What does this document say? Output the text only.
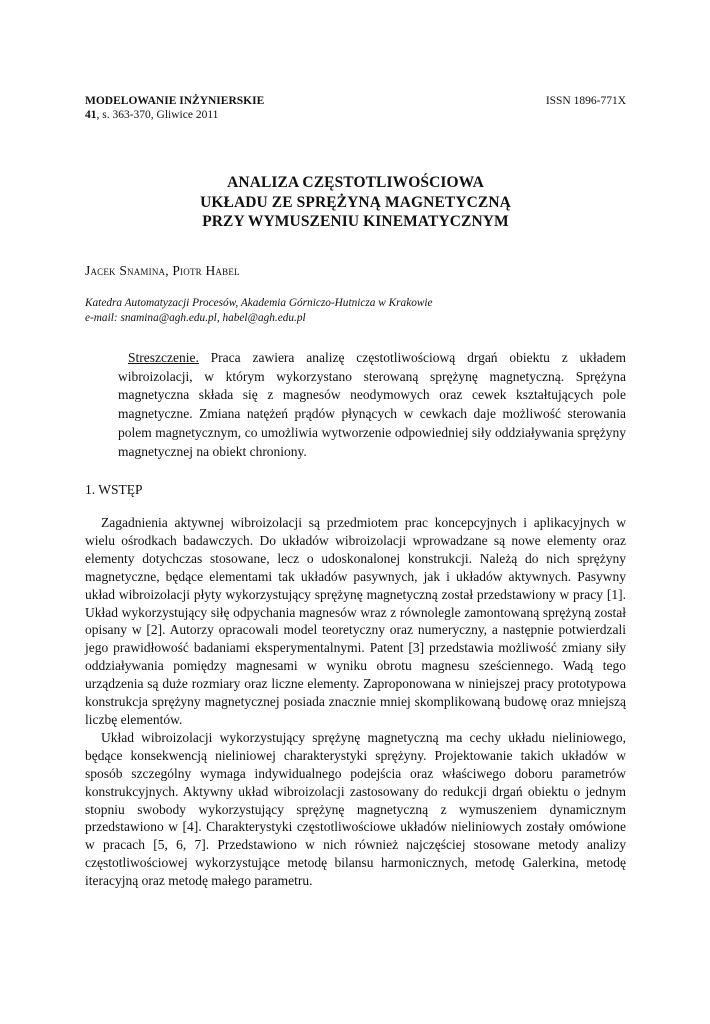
MODELOWANIE INŻYNIERSKIE	ISSN 1896-771X
41, s. 363-370, Gliwice 2011
ANALIZA CZĘSTOTLIWOŚCIOWA
UKŁADU ZE SPRĘŻYNĄ MAGNETYCZNĄ
PRZY WYMUSZENIU KINEMATYCZNYM
Jacek Snamina, Piotr Habel
Katedra Automatyzacji Procesów, Akademia Górniczo-Hutnicza w Krakowie
e-mail: snamina@agh.edu.pl, habel@agh.edu.pl
Streszczenie. Praca zawiera analizę częstotliwościową drgań obiektu z układem wibroizolacji, w którym wykorzystano sterowaną sprężynę magnetyczną. Sprężyna magnetyczna składa się z magnesów neodymowych oraz cewek kształtujących pole magnetyczne. Zmiana natężeń prądów płynących w cewkach daje możliwość sterowania polem magnetycznym, co umożliwia wytworzenie odpowiedniej siły oddziaływania sprężyny magnetycznej na obiekt chroniony.
1. WSTĘP

Zagadnienia aktywnej wibroizolacji są przedmiotem prac koncepcyjnych i aplikacyjnych w wielu ośrodkach badawczych. Do układów wibroizolacji wprowadzane są nowe elementy oraz elementy dotychczas stosowane, lecz o udoskonalonej konstrukcji. Należą do nich sprężyny magnetyczne, będące elementami tak układów pasywnych, jak i układów aktywnych. Pasywny układ wibroizolacji płyty wykorzystujący sprężynę magnetyczną został przedstawiony w pracy [1]. Układ wykorzystujący siłę odpychania magnesów wraz z równolegle zamontowaną sprężyną został opisany w [2]. Autorzy opracowali model teoretyczny oraz numeryczny, a następnie potwierdzali jego prawidłowość badaniami eksperymentalnymi. Patent [3] przedstawia możliwość zmiany siły oddziaływania pomiędzy magnesami w wyniku obrotu magnesu sześciennego. Wadą tego urządzenia są duże rozmiary oraz liczne elementy. Zaproponowana w niniejszej pracy prototypowa konstrukcja sprężyny magnetycznej posiada znacznie mniej skomplikowaną budowę oraz mniejszą liczbę elementów.

Układ wibroizolacji wykorzystujący sprężynę magnetyczną ma cechy układu nieliniowego, będące konsekwencją nieliniowej charakterystyki sprężyny. Projektowanie takich układów w sposób szczególny wymaga indywidualnego podejścia oraz właściwego doboru parametrów konstrukcyjnych. Aktywny układ wibroizolacji zastosowany do redukcji drgań obiektu o jednym stopniu swobody wykorzystujący sprężynę magnetyczną z wymuszeniem dynamicznym przedstawiono w [4]. Charakterystyki częstotliwościowe układów nieliniowych zostały omówione w pracach [5, 6, 7]. Przedstawiono w nich również najczęściej stosowane metody analizy częstotliwościowej wykorzystujące metodę bilansu harmonicznych, metodę Galerkina, metodę iteracyjną oraz metodę małego parametru.
